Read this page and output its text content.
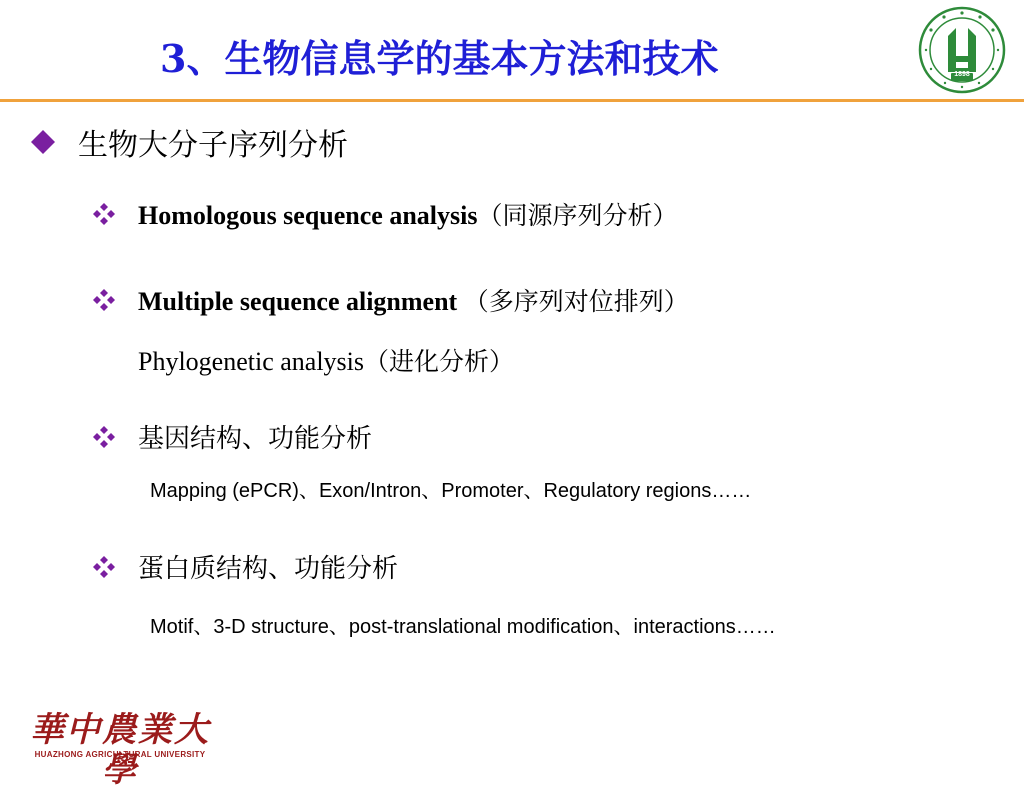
3、生物信息学的基本方法和技术	1898
生物大分子序列分析
Homologous sequence analysis（同源序列分析）
Multiple sequence alignment （多序列对位排列）
Phylogenetic analysis（进化分析）
基因结构、功能分析
Mapping (ePCR)、Exon/Intron、Promoter、Regulatory regions……
蛋白质结构、功能分析
Motif、3-D structure、post-translational modification、interactions……
華中農業大學
HUAZHONG AGRICULTURAL UNIVERSITY
